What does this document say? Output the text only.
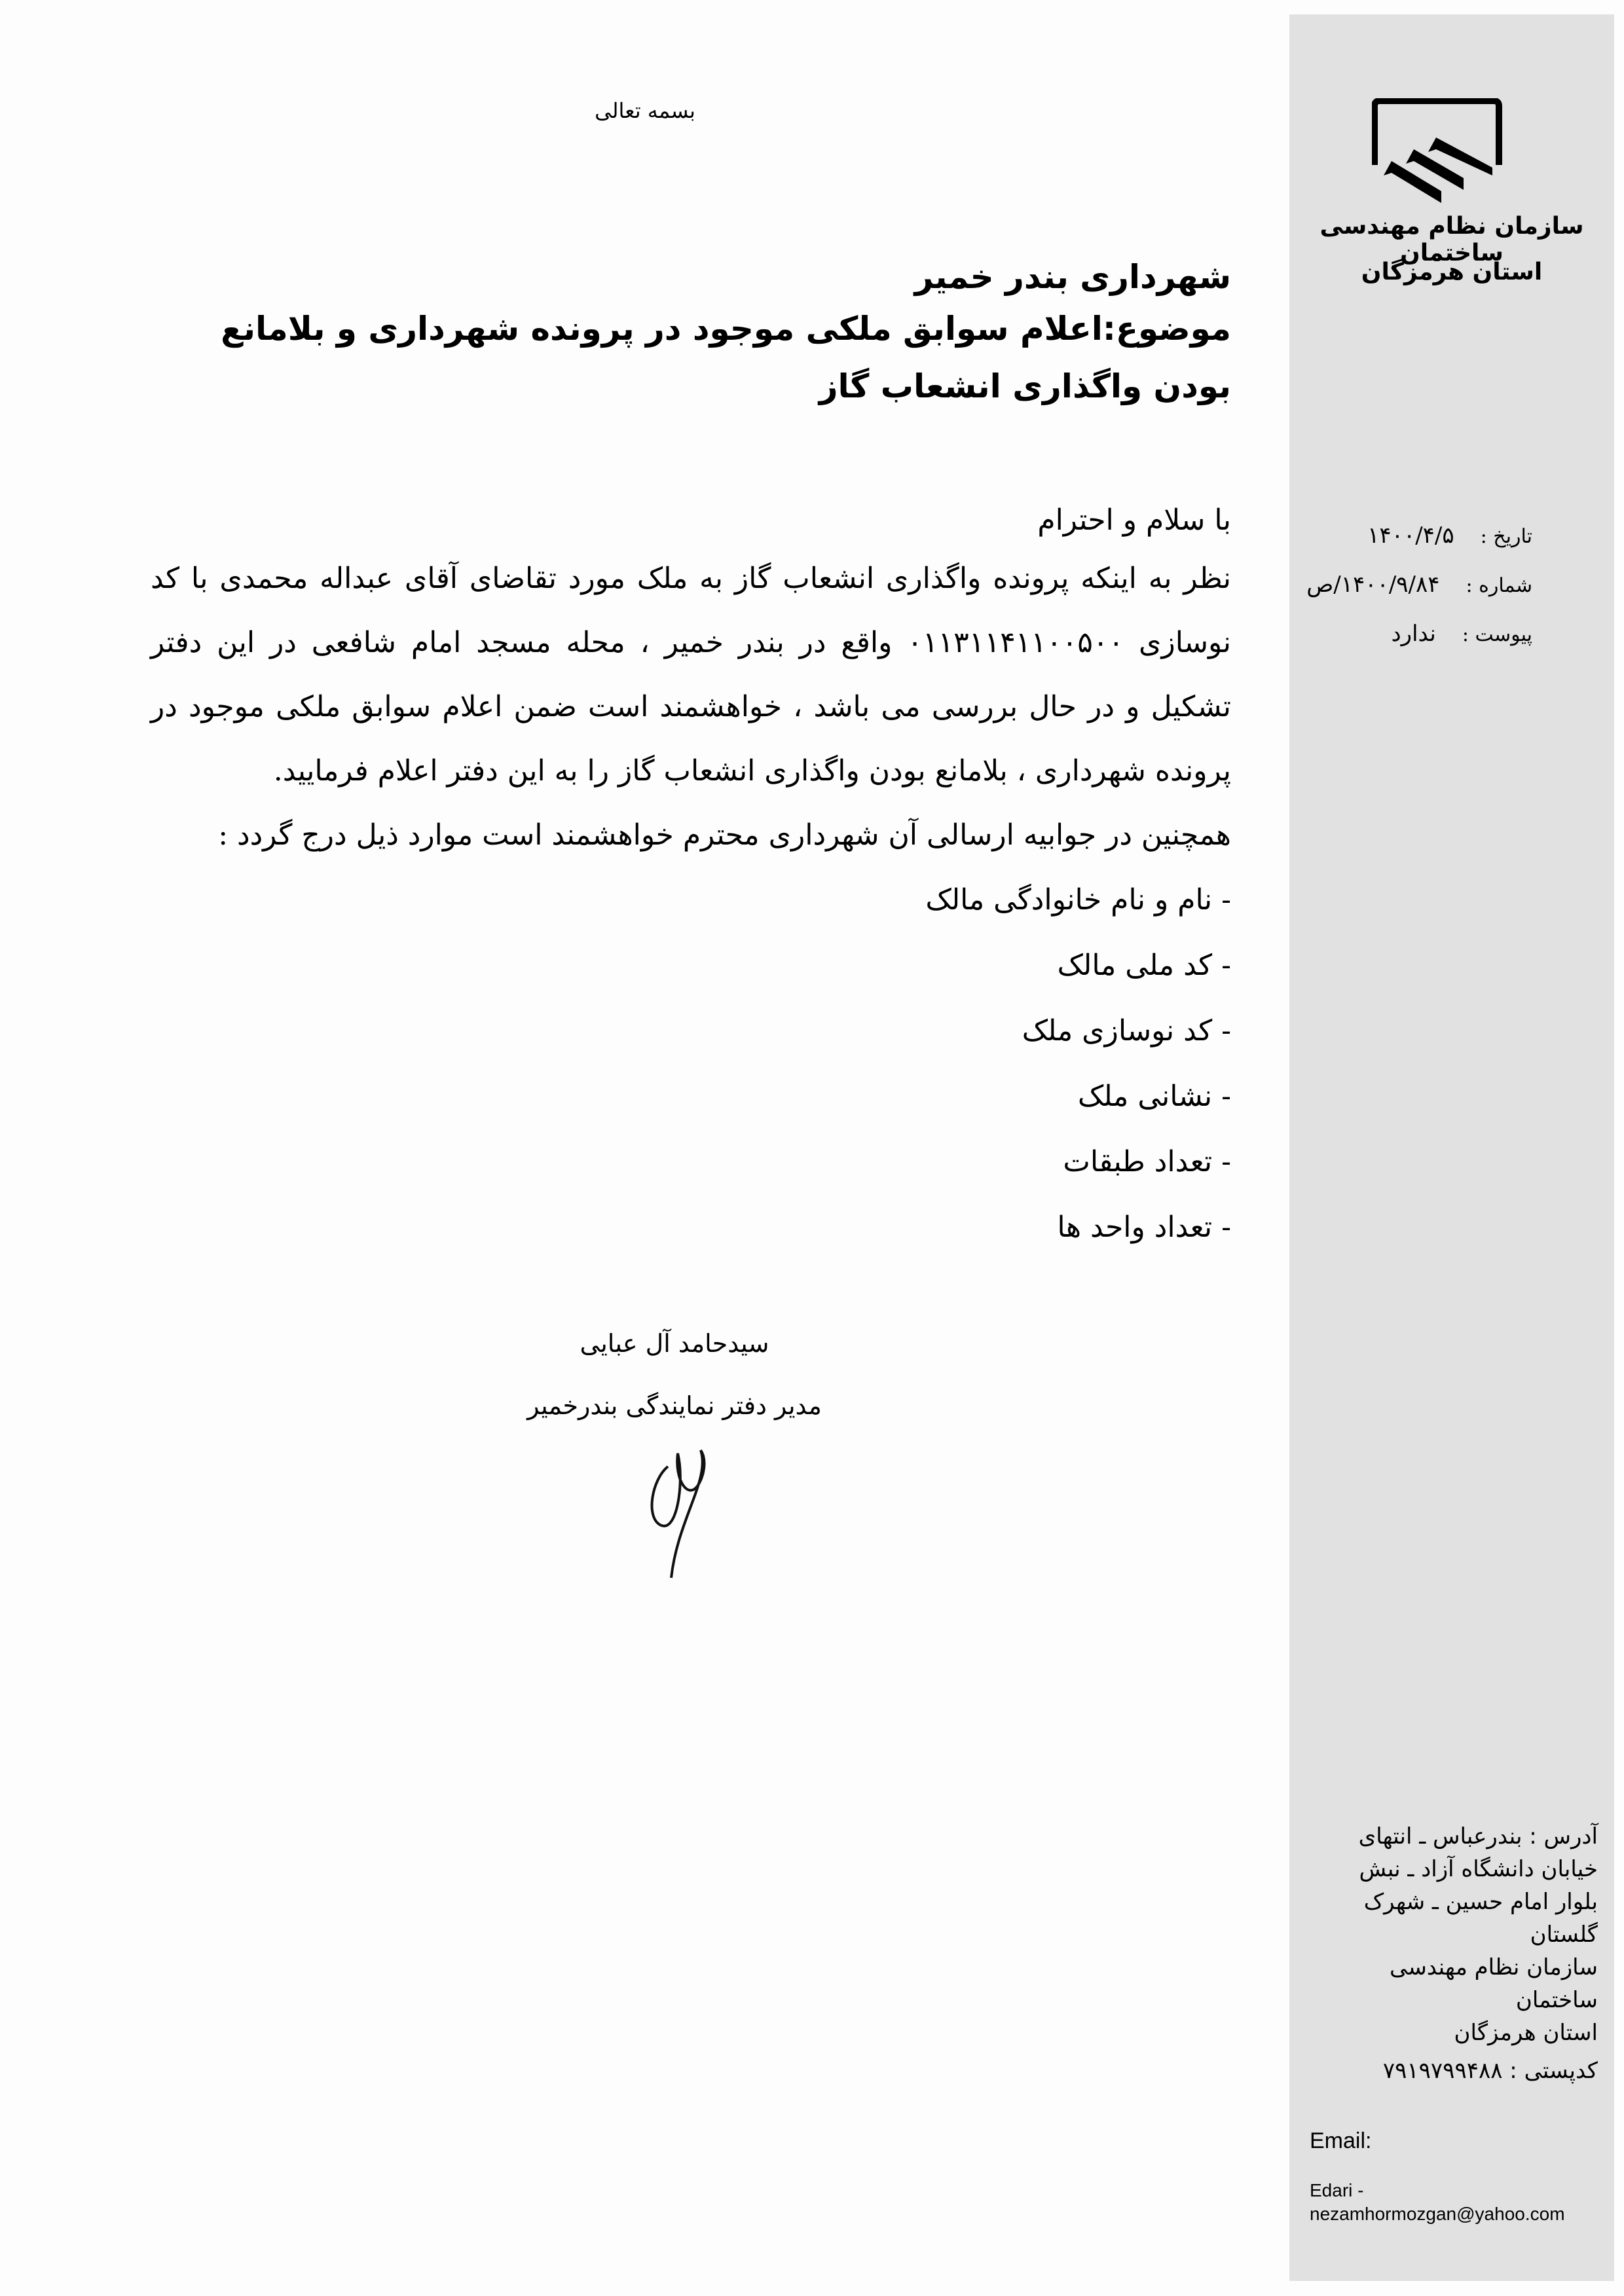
بسمه تعالی
شهرداری بندر خمیر
موضوع:اعلام سوابق ملکی موجود در پرونده شهرداری و بلامانع بودن واگذاری انشعاب گاز
با سلام و احترام
نظر به اینکه پرونده واگذاری انشعاب گاز به ملک مورد تقاضای آقای عبداله محمدی با کد نوسازی ۰۱۱۳۱۱۴۱۱۰۰۵۰۰ واقع در بندر خمیر ، محله مسجد امام شافعی در این دفتر تشکیل و در حال بررسی می باشد ، خواهشمند است ضمن اعلام سوابق ملکی موجود در پرونده شهرداری ، بلامانع بودن واگذاری انشعاب گاز را به این دفتر اعلام فرمایید.
همچنین در جوابیه ارسالی آن شهرداری محترم خواهشمند است موارد ذیل درج گردد :
- نام و نام خانوادگی مالک
- کد ملی مالک
- کد نوسازی ملک
- نشانی ملک
- تعداد طبقات
- تعداد واحد ها
سیدحامد آل عبایی
مدیر دفتر نمایندگی بندرخمیر
سازمان نظام مهندسی ساختمان
استان هرمزگان
تاریخ :
۱۴۰۰/۴/۵
شماره :
۱۴۰۰/۹/۸۴/ص
پیوست :
ندارد
آدرس : بندرعباس ـ انتهای
خیابان دانشگاه آزاد ـ نبش
بلوار امام حسین ـ شهرک
گلستان
سازمان نظام مهندسی ساختمان
استان هرمزگان
کدپستی : ۷۹۱۹۷۹۹۴۸۸
Email:
Edari - nezamhormozgan@yahoo.com
